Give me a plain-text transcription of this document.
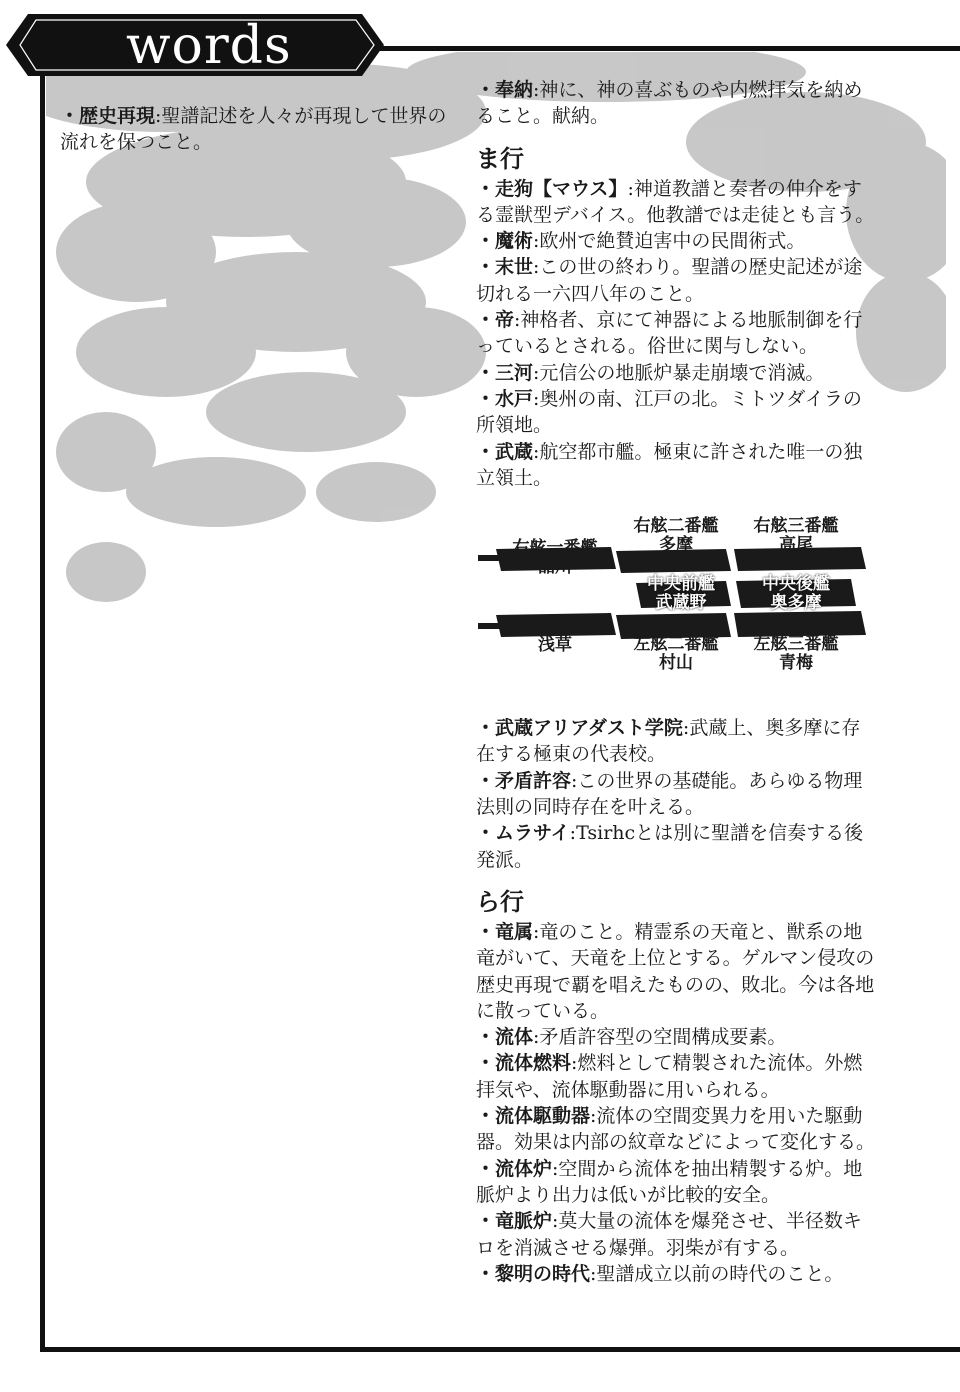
words

・歴史再現:聖譜記述を人々が再現して世界の流れを保つこと。

・奉納:神に、神の喜ぶものや内燃拝気を納めること。献納。

ま行

・走狗【マウス】:神道教譜と奏者の仲介をする霊獣型デバイス。他教譜では走徒とも言う。

・魔術:欧州で絶賛迫害中の民間術式。

・末世:この世の終わり。聖譜の歴史記述が途切れる一六四八年のこと。

・帝:神格者、京にて神器による地脈制御を行っているとされる。俗世に関与しない。

・三河:元信公の地脈炉暴走崩壊で消滅。

・水戸:奥州の南、江戸の北。ミトツダイラの所領地。

・武蔵:航空都市艦。極東に許された唯一の独立領土。

右舷一番艦
品川
右舷二番艦
多摩
右舷三番艦
高尾
中央前艦
武蔵野
中央後艦
奥多摩
左舷一番艦
浅草	左舷二番艦
村山
左舷三番艦
青梅

・武蔵アリアダスト学院:武蔵上、奥多摩に存在する極東の代表校。

・矛盾許容:この世界の基礎能。あらゆる物理法則の同時存在を叶える。

・ムラサイ:Tsirhcとは別に聖譜を信奏する後発派。

ら行

・竜属:竜のこと。精霊系の天竜と、獣系の地竜がいて、天竜を上位とする。ゲルマン侵攻の歴史再現で覇を唱えたものの、敗北。今は各地に散っている。

・流体:矛盾許容型の空間構成要素。

・流体燃料:燃料として精製された流体。外燃拝気や、流体駆動器に用いられる。

・流体駆動器:流体の空間変異力を用いた駆動器。効果は内部の紋章などによって変化する。

・流体炉:空間から流体を抽出精製する炉。地脈炉より出力は低いが比較的安全。

・竜脈炉:莫大量の流体を爆発させ、半径数キロを消滅させる爆弾。羽柴が有する。

・黎明の時代:聖譜成立以前の時代のこと。
